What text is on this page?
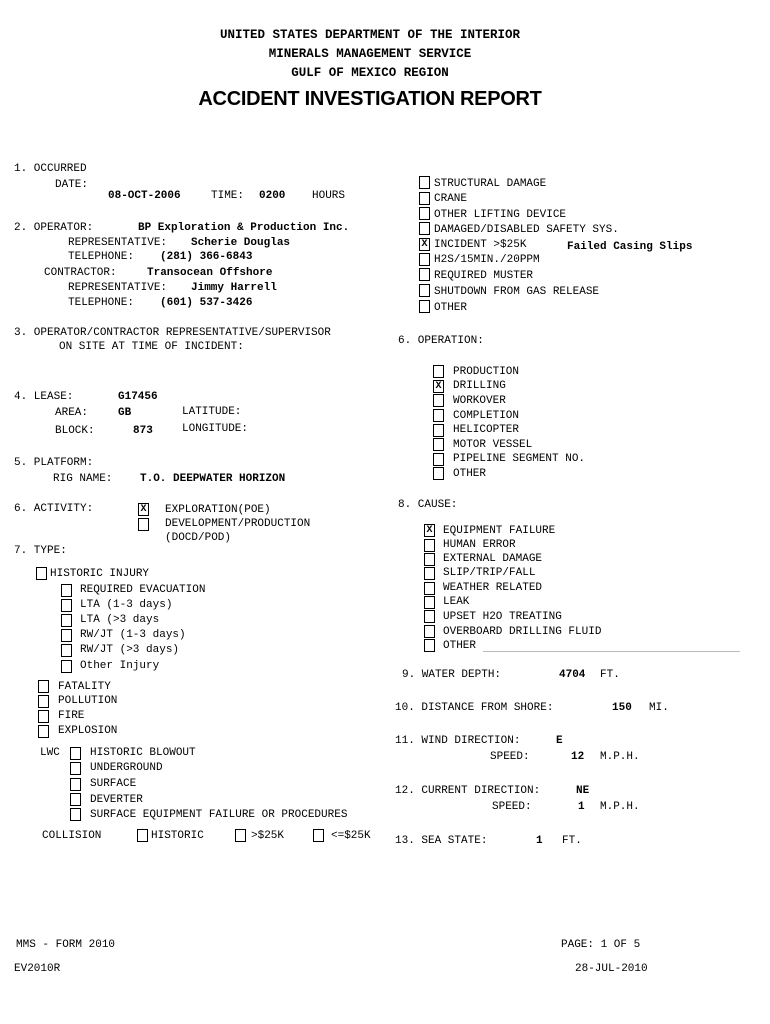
UNITED STATES DEPARTMENT OF THE INTERIOR
MINERALS MANAGEMENT SERVICE
GULF OF MEXICO REGION
ACCIDENT INVESTIGATION REPORT
1. OCCURRED
DATE:
08-OCT-2006	TIME: 0200 HOURS
2. OPERATOR:	BP Exploration & Production Inc.
REPRESENTATIVE: Scherie Douglas
TELEPHONE: (281) 366-6843
CONTRACTOR:	Transocean Offshore
REPRESENTATIVE: Jimmy Harrell
TELEPHONE: (601) 537-3426
3. OPERATOR/CONTRACTOR REPRESENTATIVE/SUPERVISOR
ON SITE AT TIME OF INCIDENT:
4. LEASE:	G17456
AREA:	GB	LATITUDE:
BLOCK:	873	LONGITUDE:
5. PLATFORM:
RIG NAME:	T.O. DEEPWATER HORIZON
6. ACTIVITY:	X EXPLORATION(POE)
DEVELOPMENT/PRODUCTION
(DOCD/POD)
7. TYPE:
HISTORIC INJURY
REQUIRED EVACUATION
LTA (1-3 days)
LTA (>3 days
RW/JT (1-3 days)
RW/JT (>3 days)
Other Injury
FATALITY
POLLUTION
FIRE
EXPLOSION
LWC	HISTORIC BLOWOUT
UNDERGROUND
SURFACE
DEVERTER
SURFACE EQUIPMENT FAILURE OR PROCEDURES
COLLISION	HISTORIC	>$25K	<=$25K
STRUCTURAL DAMAGE
CRANE
OTHER LIFTING DEVICE
DAMAGED/DISABLED SAFETY SYS.
X INCIDENT >$25K	Failed Casing Slips
H2S/15MIN./20PPM
REQUIRED MUSTER
SHUTDOWN FROM GAS RELEASE
OTHER
6. OPERATION:
PRODUCTION
X DRILLING
WORKOVER
COMPLETION
HELICOPTER
MOTOR VESSEL
PIPELINE SEGMENT NO.
OTHER
8. CAUSE:
X EQUIPMENT FAILURE
HUMAN ERROR
EXTERNAL DAMAGE
SLIP/TRIP/FALL
WEATHER RELATED
LEAK
UPSET H2O TREATING
OVERBOARD DRILLING FLUID
OTHER
9. WATER DEPTH:	4704 FT.
10. DISTANCE FROM SHORE:	150 MI.
11. WIND DIRECTION:	E
SPEED:	12 M.P.H.
12. CURRENT DIRECTION:	NE
SPEED:	1 M.P.H.
13. SEA STATE:	1 FT.
MMS - FORM 2010	PAGE: 1 OF 5
EV2010R	28-JUL-2010
